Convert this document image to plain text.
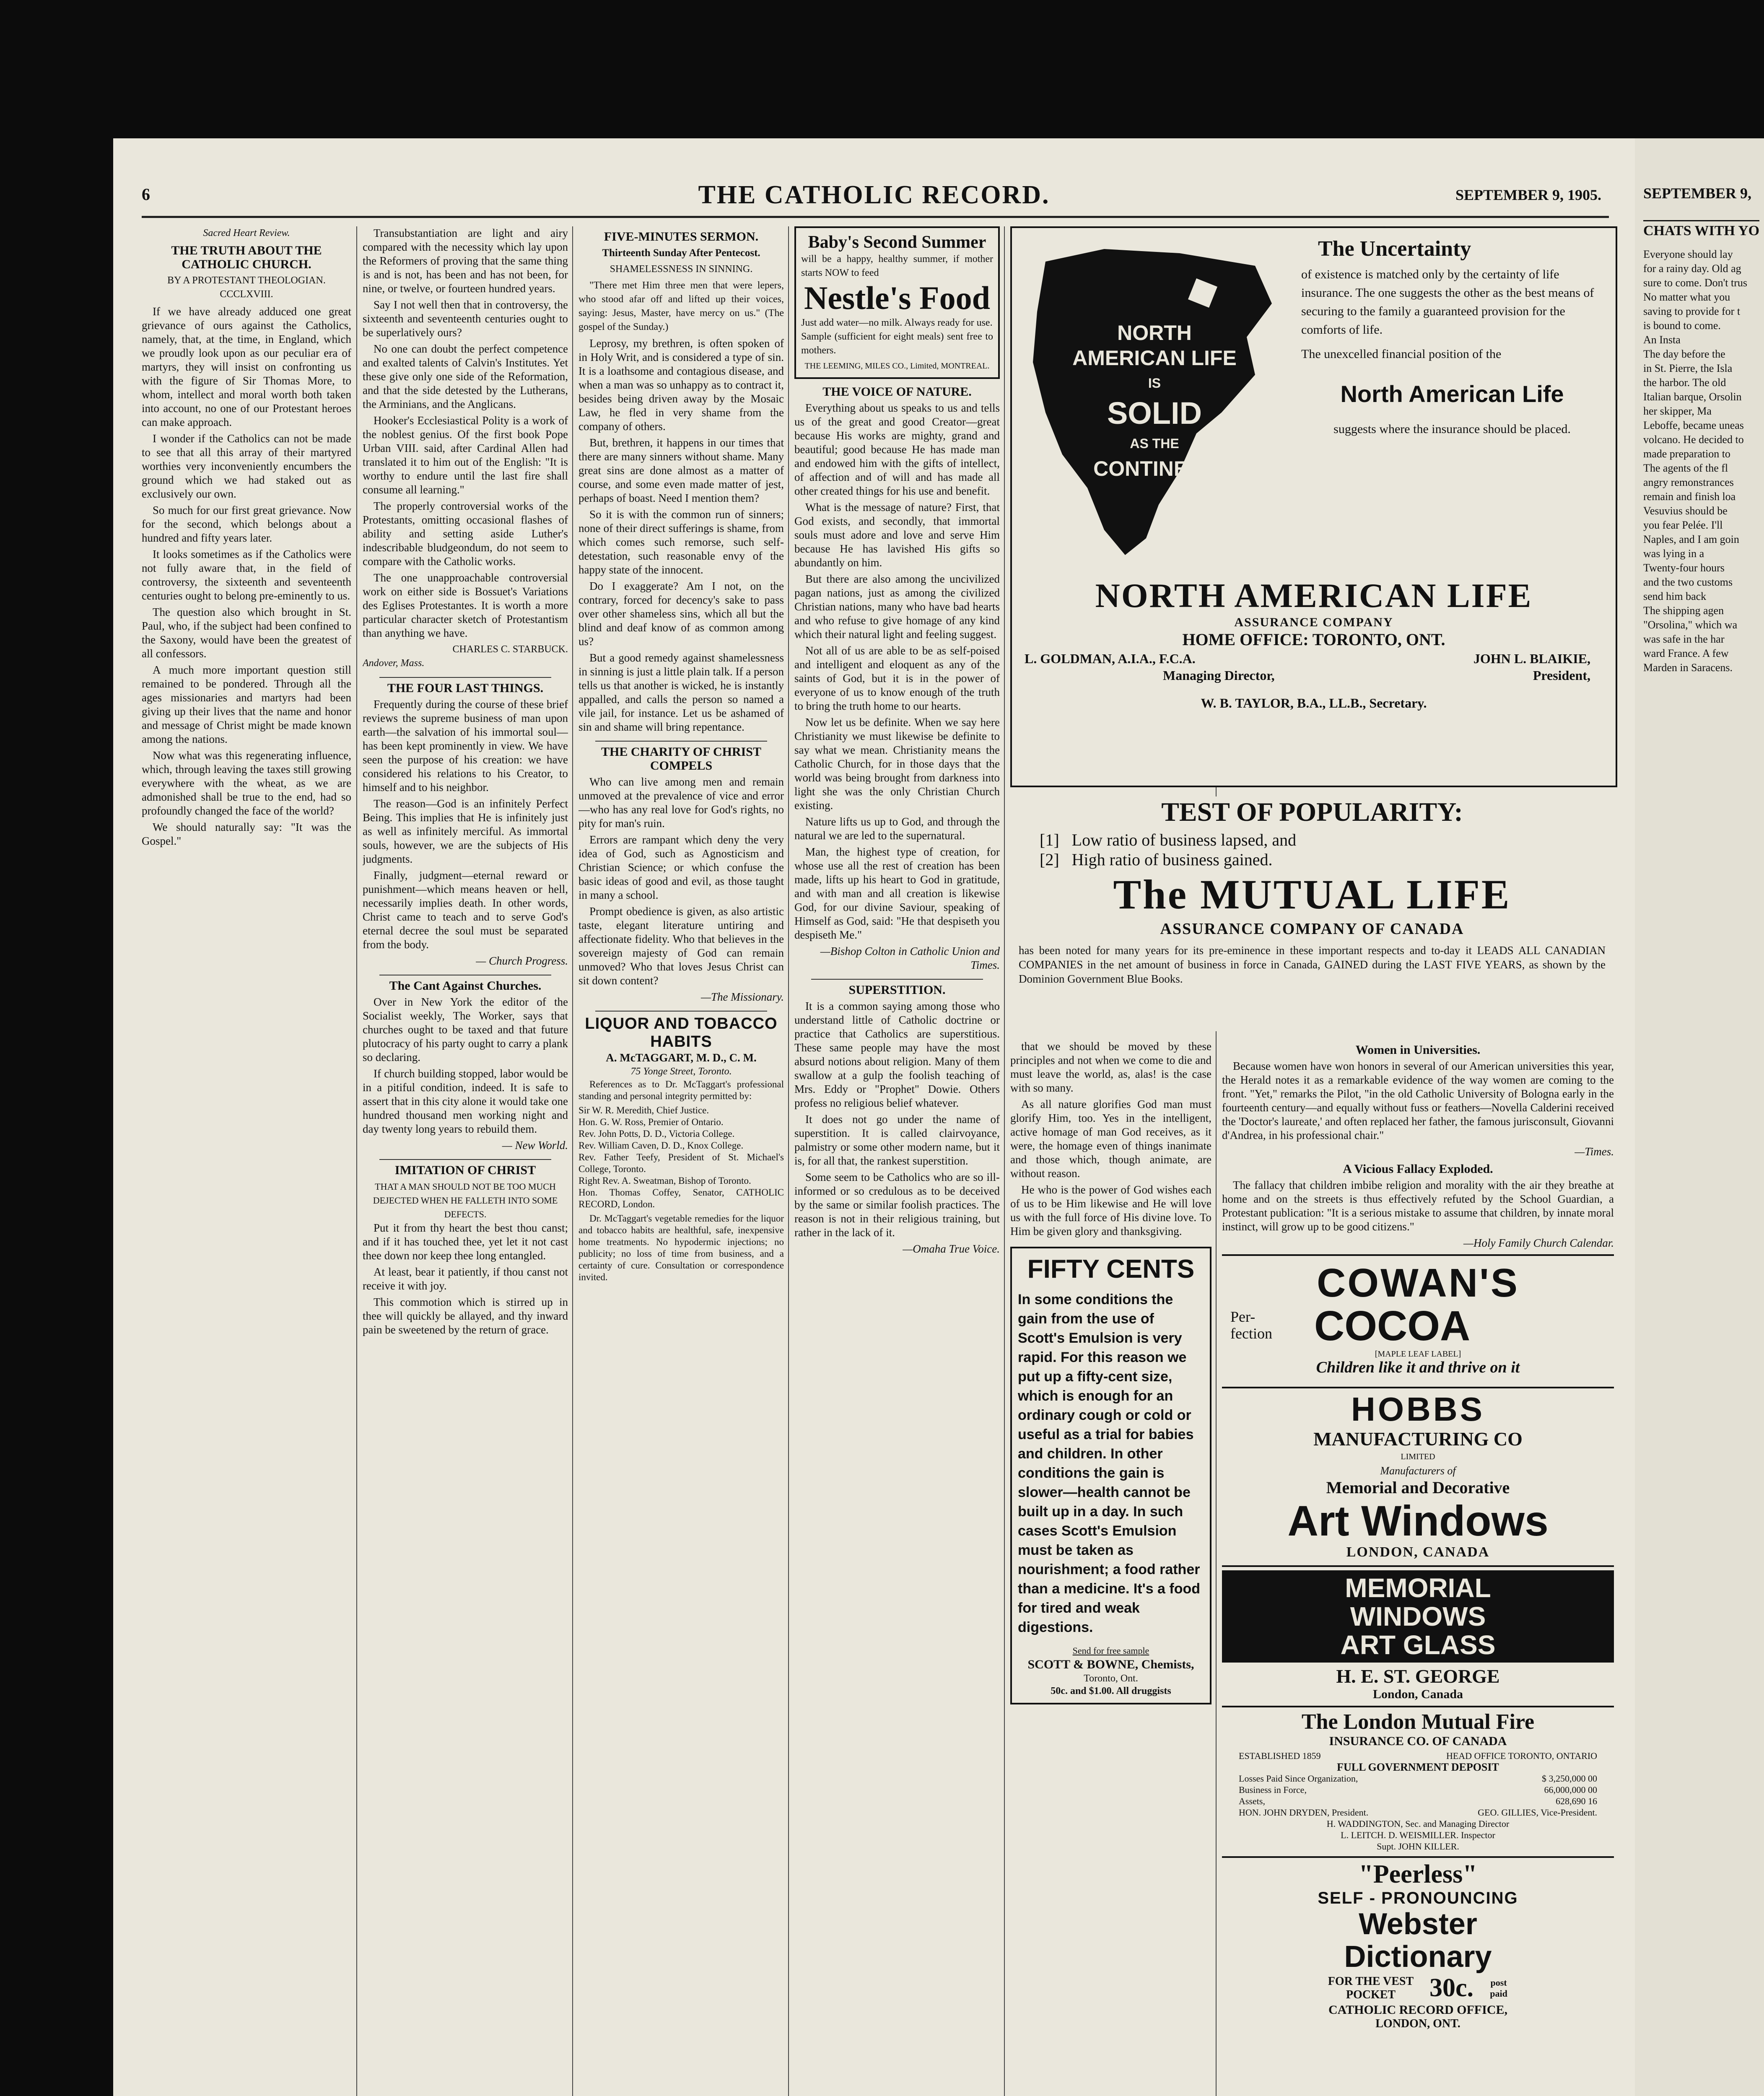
6	THE CATHOLIC RECORD.	SEPTEMBER 9, 1905.
Sacred Heart Review.
THE TRUTH ABOUT THE CATHOLIC CHURCH.
BY A PROTESTANT THEOLOGIAN.
CCCLXVIII.

If we have already adduced one great grievance of ours against the Catholics, namely, that, at the time, in England, which we proudly look upon as our peculiar era of martyrs, they will insist on confronting us with the figure of Sir Thomas More, to whom, intellect and moral worth both taken into account, no one of our Protestant heroes can make approach.

I wonder if the Catholics can not be made to see that all this array of their martyred worthies very inconveniently encumbers the ground which we had staked out as exclusively our own.

So much for our first great grievance. Now for the second, which belongs about a hundred and fifty years later.

It looks sometimes as if the Catholics were not fully aware that, in the field of controversy, the sixteenth and seventeenth centuries ought to belong pre-eminently to us.

The question also which brought in St. Paul, who, if the subject had been confined to the Saxony, would have been the greatest of all confessors.

A much more important question still remained to be pondered. Through all the ages missionaries and martyrs had been giving up their lives that the name and honor and message of Christ might be made known among the nations.

Now what was this regenerating influence, which, through leaving the taxes still growing everywhere with the wheat, as we are admonished shall be true to the end, had so profoundly changed the face of the world?

We should naturally say: "It was the Gospel."

Transubstantiation are light and airy compared with the necessity which lay upon the Reformers of proving that the same thing is and is not, has been and has not been, for nine, or twelve, or fourteen hundred years.

Say I not well then that in controversy, the sixteenth and seventeenth centuries ought to be superlatively ours?

No one can doubt the perfect competence and exalted talents of Calvin's Institutes. Yet these give only one side of the Reformation, and that the side detested by the Lutherans, the Arminians, and the Anglicans.

Hooker's Ecclesiastical Polity is a work of the noblest genius. Of the first book Pope Urban VIII. said, after Cardinal Allen had translated it to him out of the English: "It is worthy to endure until the last fire shall consume all learning."

The properly controversial works of the Protestants, omitting occasional flashes of ability and setting aside Luther's indescribable bludgeondum, do not seem to compare with the Catholic works.

The one unapproachable controversial work on either side is Bossuet's Variations des Eglises Protestantes. It is worth a more particular character sketch of Protestantism than anything we have.

CHARLES C. STARBUCK.
Andover, Mass.
THE FOUR LAST THINGS.

Frequently during the course of these brief reviews the supreme business of man upon earth—the salvation of his immortal soul—has been kept prominently in view. We have seen the purpose of his creation: we have considered his relations to his Creator, to himself and to his neighbor.

The reason—God is an infinitely Perfect Being. This implies that He is infinitely just as well as infinitely merciful. As immortal souls, however, we are the subjects of His judgments.

Finally, judgment—eternal reward or punishment—which means heaven or hell, necessarily implies death. In other words, Christ came to teach and to serve God's eternal decree the soul must be separated from the body.

— Church Progress.
The Cant Against Churches.

Over in New York the editor of the Socialist weekly, The Worker, says that churches ought to be taxed and that future plutocracy of his party ought to carry a plank so declaring.

If church building stopped, labor would be in a pitiful condition, indeed. It is safe to assert that in this city alone it would take one hundred thousand men working night and day twenty long years to rebuild them.

— New World.
IMITATION OF CHRIST
THAT A MAN SHOULD NOT BE TOO MUCH DEJECTED WHEN HE FALLETH INTO SOME DEFECTS.

Put it from thy heart the best thou canst; and if it has touched thee, yet let it not cast thee down nor keep thee long entangled.

At least, bear it patiently, if thou canst not receive it with joy.

This commotion which is stirred up in thee will quickly be allayed, and thy inward pain be sweetened by the return of grace.

FIVE-MINUTES SERMON.
Thirteenth Sunday After Pentecost.
SHAMELESSNESS IN SINNING.

"There met Him three men that were lepers, who stood afar off and lifted up their voices, saying: Jesus, Master, have mercy on us." (The gospel of the Sunday.)

Leprosy, my brethren, is often spoken of in Holy Writ, and is considered a type of sin. It is a loathsome and contagious disease, and when a man was so unhappy as to contract it, besides being driven away by the Mosaic Law, he fled in very shame from the company of others.

But, brethren, it happens in our times that there are many sinners without shame. Many great sins are done almost as a matter of course, and some even made matter of jest, perhaps of boast. Need I mention them?

So it is with the common run of sinners; none of their direct sufferings is shame, from which comes such remorse, such self-detestation, such reasonable envy of the happy state of the innocent.

Do I exaggerate? Am I not, on the contrary, forced for decency's sake to pass over other shameless sins, which all but the blind and deaf know of as common among us?

But a good remedy against shamelessness in sinning is just a little plain talk. If a person tells us that another is wicked, he is instantly appalled, and calls the person so named a vile jail, for instance. Let us be ashamed of sin and shame will bring repentance.

THE CHARITY OF CHRIST COMPELS

Who can live among men and remain unmoved at the prevalence of vice and error—who has any real love for God's rights, no pity for man's ruin.

Errors are rampant which deny the very idea of God, such as Agnosticism and Christian Science; or which confuse the basic ideas of good and evil, as those taught in many a school.

Prompt obedience is given, as also artistic taste, elegant literature untiring and affectionate fidelity. Who that believes in the sovereign majesty of God can remain unmoved? Who that loves Jesus Christ can sit down content?

—The Missionary.
LIQUOR AND TOBACCO HABITS
A. McTAGGART, M. D., C. M.
75 Yonge Street, Toronto.

References as to Dr. McTaggart's professional standing and personal integrity permitted by:

Sir W. R. Meredith, Chief Justice.
Hon. G. W. Ross, Premier of Ontario.
Rev. John Potts, D. D., Victoria College.
Rev. William Caven, D. D., Knox College.
Rev. Father Teefy, President of St. Michael's College, Toronto.
Right Rev. A. Sweatman, Bishop of Toronto.
Hon. Thomas Coffey, Senator, CATHOLIC RECORD, London.

Dr. McTaggart's vegetable remedies for the liquor and tobacco habits are healthful, safe, inexpensive home treatments. No hypodermic injections; no publicity; no loss of time from business, and a certainty of cure. Consultation or correspondence invited.

Baby's Second Summer
will be a happy, healthy summer, if mother starts NOW to feed
Nestle's Food
Just add water—no milk. Always ready for use.
Sample (sufficient for eight meals) sent free to mothers.
THE LEEMING, MILES CO., Limited, MONTREAL.
THE VOICE OF NATURE.

Everything about us speaks to us and tells us of the great and good Creator—great because His works are mighty, grand and beautiful; good because He has made man and endowed him with the gifts of intellect, of affection and of will and has made all other created things for his use and benefit.

What is the message of nature? First, that God exists, and secondly, that immortal souls must adore and love and serve Him because He has lavished His gifts so abundantly on him.

But there are also among the uncivilized pagan nations, just as among the civilized Christian nations, many who have bad hearts and who refuse to give homage of any kind which their natural light and feeling suggest.

Not all of us are able to be as self-poised and intelligent and eloquent as any of the saints of God, but it is in the power of everyone of us to know enough of the truth to bring the truth home to our hearts.

Now let us be definite. When we say here Christianity we must likewise be definite to say what we mean. Christianity means the Catholic Church, for in those days that the world was being brought from darkness into light she was the only Christian Church existing.

Nature lifts us up to God, and through the natural we are led to the supernatural.

Man, the highest type of creation, for whose use all the rest of creation has been made, lifts up his heart to God in gratitude, and with man and all creation is likewise God, for our divine Saviour, speaking of Himself as God, said: "He that despiseth you despiseth Me."

—Bishop Colton in Catholic Union and Times.
SUPERSTITION.

It is a common saying among those who understand little of Catholic doctrine or practice that Catholics are superstitious. These same people may have the most absurd notions about religion. Many of them swallow at a gulp the foolish teaching of Mrs. Eddy or "Prophet" Dowie. Others profess no religious belief whatever.

It does not go under the name of superstition. It is called clairvoyance, palmistry or some other modern name, but it is, for all that, the rankest superstition.

Some seem to be Catholics who are so ill-informed or so credulous as to be deceived by the same or similar foolish practices. The reason is not in their religious training, but rather in the lack of it.

—Omaha True Voice.
NORTH
AMERICAN LIFE
IS
SOLID
AS THE
CONTINENT
The Uncertainty
of existence is matched only by the certainty of life insurance. The one suggests the other as the best means of securing to the family a guaranteed provision for the comforts of life.
The unexcelled financial position of the
North American Life
suggests where the insurance should be placed.
NORTH AMERICAN LIFE
ASSURANCE COMPANY
HOME OFFICE: TORONTO, ONT.
L. GOLDMAN, A.I.A., F.C.A.
Managing Director,
JOHN L. BLAIKIE,
President,
W. B. TAYLOR, B.A., LL.B., Secretary.
TEST OF POPULARITY:
[1] Low ratio of business lapsed, and
[2] High ratio of business gained.
The MUTUAL LIFE
ASSURANCE COMPANY OF CANADA
has been noted for many years for its pre-eminence in these important respects and to-day it LEADS ALL CANADIAN COMPANIES in the net amount of business in force in Canada, GAINED during the LAST FIVE YEARS, as shown by the Dominion Government Blue Books.

that we should be moved by these principles and not when we come to die and must leave the world, as, alas! is the case with so many.

As all nature glorifies God man must glorify Him, too. Yes in the intelligent, active homage of man God receives, as it were, the homage even of things inanimate and those which, though animate, are without reason.

He who is the power of God wishes each of us to be Him likewise and He will love us with the full force of His divine love. To Him be given glory and thanksgiving.

FIFTY CENTS
In some conditions the gain from the use of Scott's Emulsion is very rapid. For this reason we put up a fifty-cent size, which is enough for an ordinary cough or cold or useful as a trial for babies and children. In other conditions the gain is slower—health cannot be built up in a day. In such cases Scott's Emulsion must be taken as nourishment; a food rather than a medicine. It's a food for tired and weak digestions.
Send for free sample
SCOTT & BOWNE, Chemists,
Toronto, Ont.
50c. and $1.00. All druggists
Women in Universities.

Because women have won honors in several of our American universities this year, the Herald notes it as a remarkable evidence of the way women are coming to the front. "Yet," remarks the Pilot, "in the old Catholic University of Bologna early in the fourteenth century—and equally without fuss or feathers—Novella Calderini received the 'Doctor's laureate,' and often replaced her father, the famous jurisconsult, Giovanni d'Andrea, in his professional chair."

—Times.
A Vicious Fallacy Exploded.

The fallacy that children imbibe religion and morality with the air they breathe at home and on the streets is thus effectively refuted by the School Guardian, a Protestant publication: "It is a serious mistake to assume that children, by innate moral instinct, will grow up to be good citizens."

—Holy Family Church Calendar.
COWAN'S
Per-
fection COCOA
[MAPLE LEAF LABEL]
Children like it and thrive on it
HOBBS
MANUFACTURING CO
LIMITED
Manufacturers of
Memorial and Decorative
Art Windows
LONDON, CANADA
MEMORIAL
WINDOWS
ART GLASS
H. E. ST. GEORGE
London, Canada
The London Mutual Fire
INSURANCE CO. OF CANADA
ESTABLISHED 1859	HEAD OFFICE TORONTO, ONTARIO
FULL GOVERNMENT DEPOSIT
Losses Paid Since Organization,	$ 3,250,000 00
Business in Force,	66,000,000 00
Assets,	628,690 16
HON. JOHN DRYDEN, President.	GEO. GILLIES, Vice-President.
H. WADDINGTON, Sec. and Managing Director
L. LEITCH. D. WEISMILLER. Inspector
Supt. JOHN KILLER.
"Peerless"
SELF - PRONOUNCING
Webster
Dictionary
FOR THE VEST POCKET	30c.	post paid
CATHOLIC RECORD OFFICE,
LONDON, ONT.
SEPTEMBER 9,
CHATS WITH YO
Everyone should lay
for a rainy day. Old ag
sure to come. Don't trus
No matter what you
saving to provide for t
is bound to come.
An Insta
The day before the
in St. Pierre, the Isla
the harbor. The old
Italian barque, Orsolin
her skipper, Ma
Leboffe, became uneas
volcano. He decided to
made preparation to
The agents of the fl
angry remonstrances
remain and finish loa
Vesuvius should be
you fear Pelée. I'll
Naples, and I am goin
was lying in a
Twenty-four hours
and the two customs
send him back
The shipping agen
"Orsolina," which wa
was safe in the har
ward France. A few
Marden in Saracens.
